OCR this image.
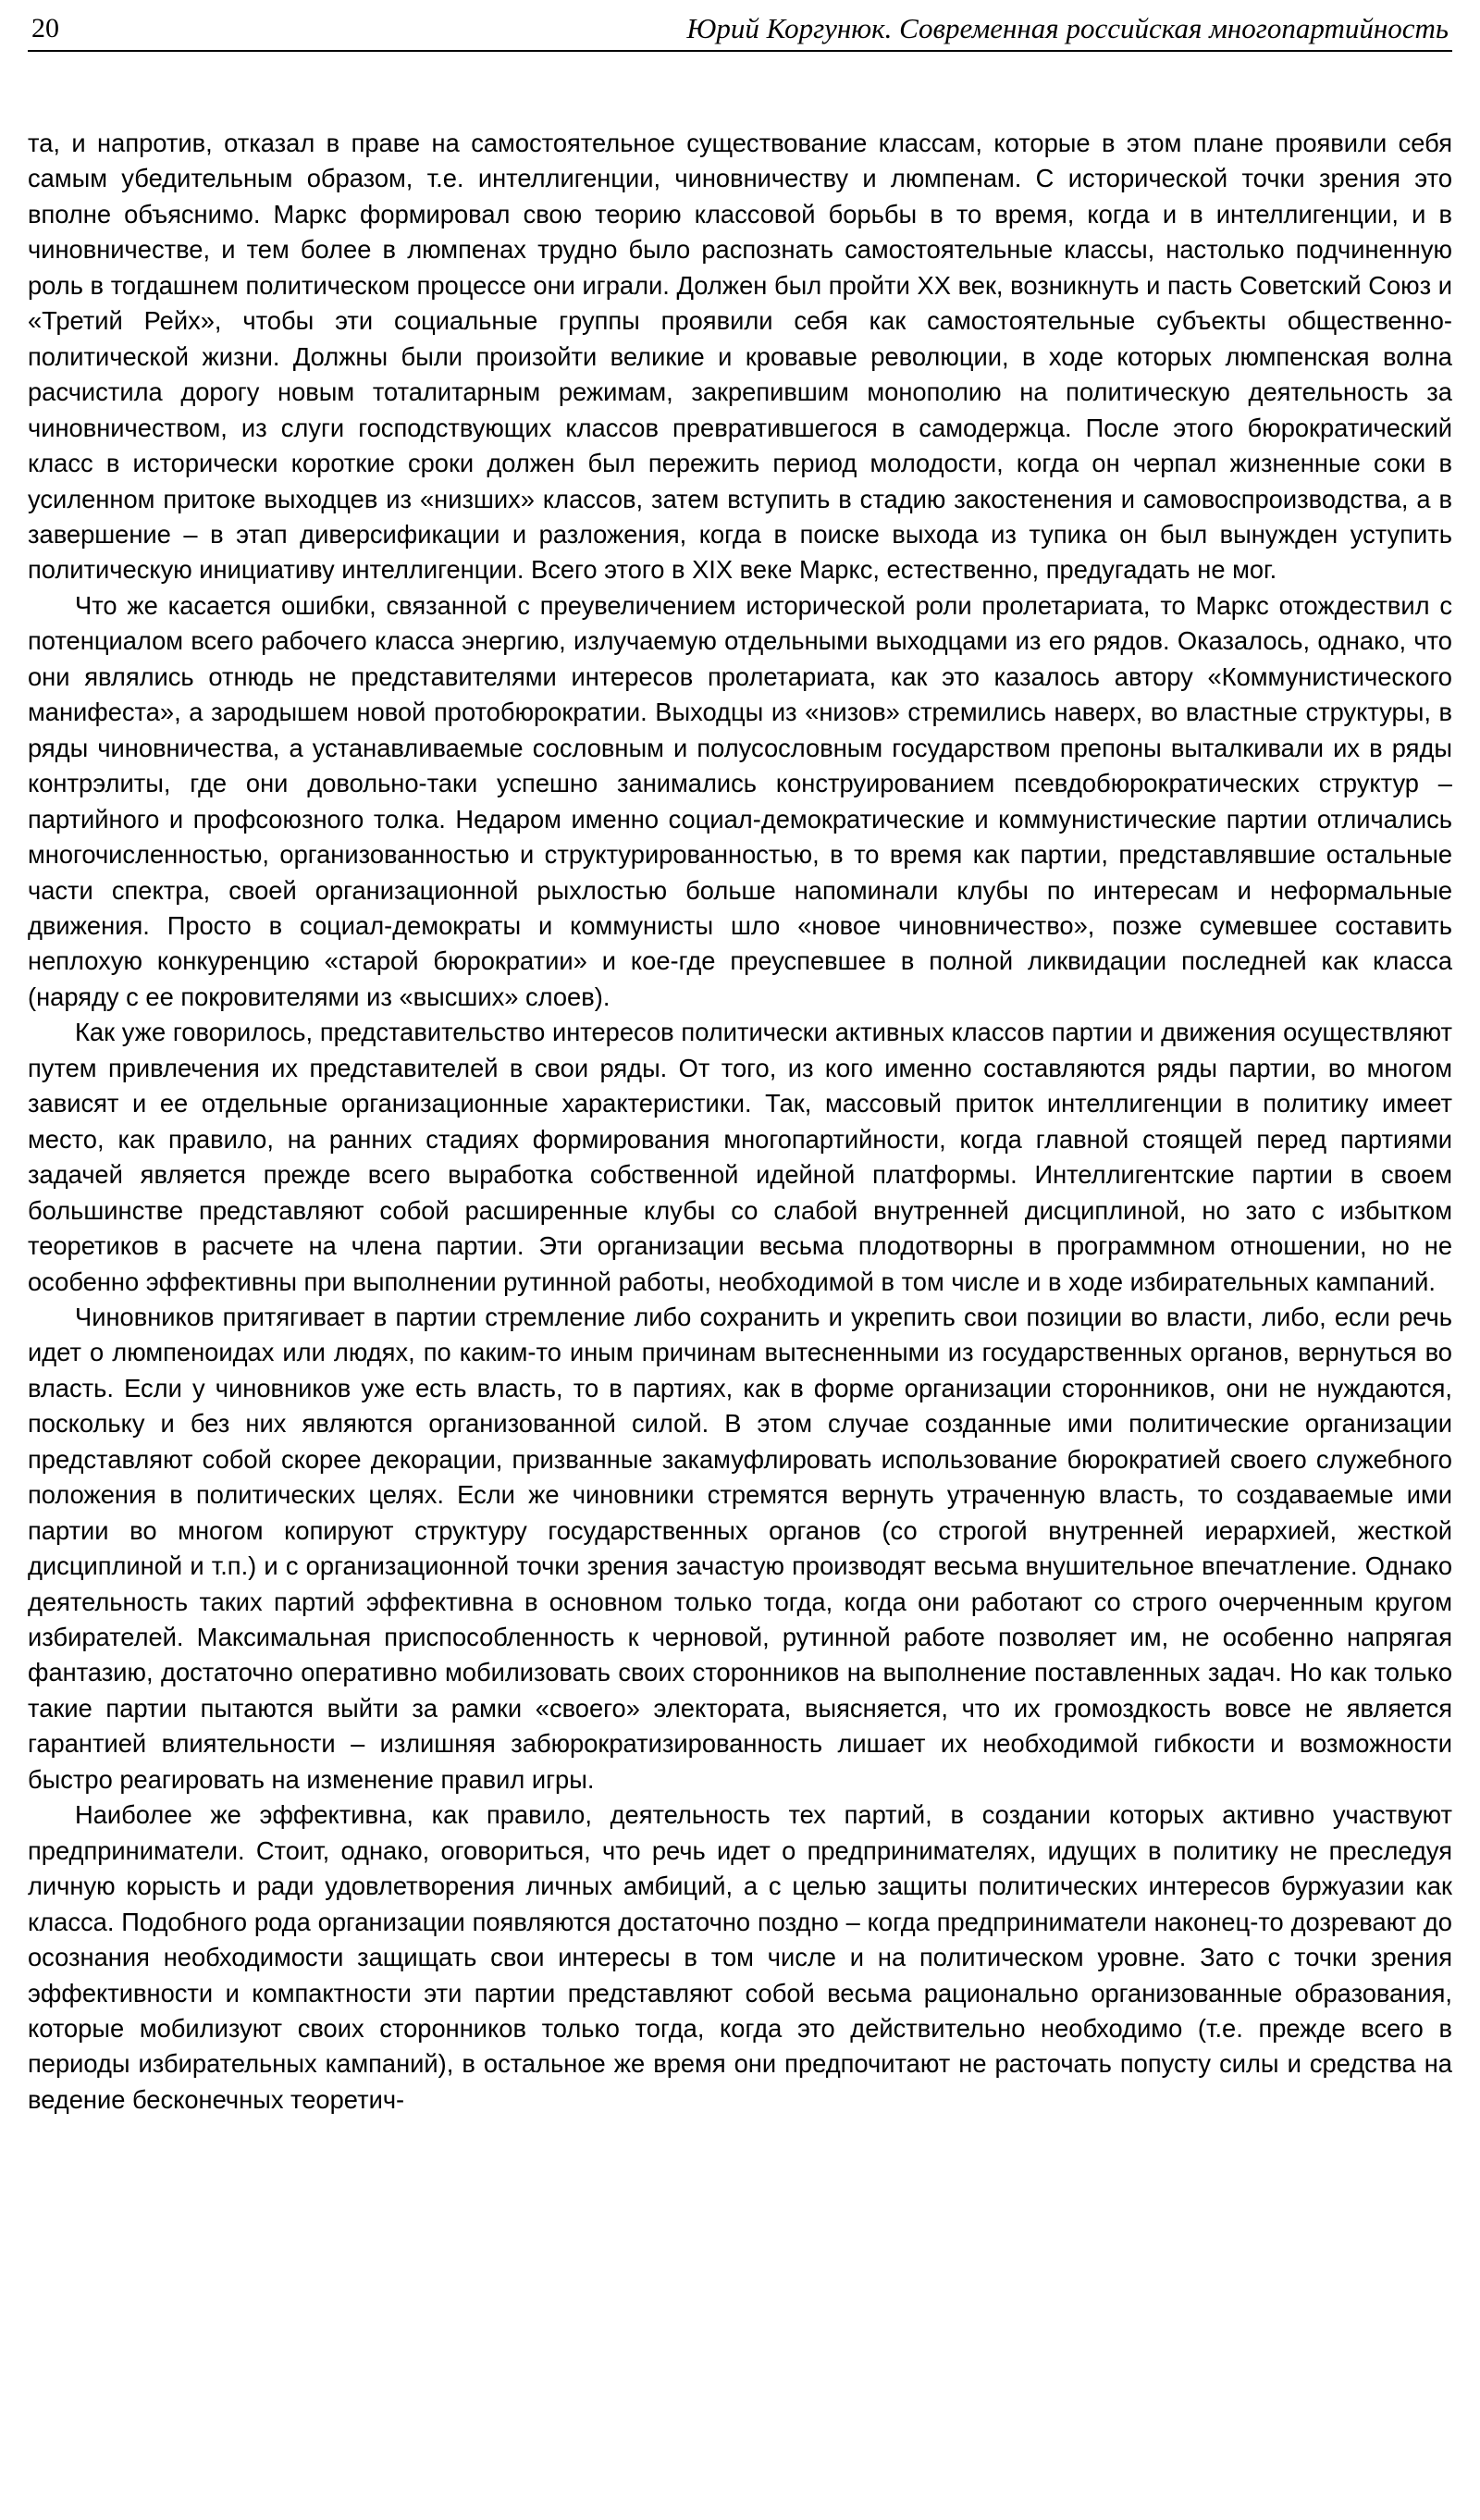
20	Юрий Коргунюк. Современная российская многопартийность

та, и напротив, отказал в праве на самостоятельное существование классам, которые в этом плане проявили себя самым убедительным образом, т.е. интеллигенции, чиновничеству и люмпенам. С исторической точки зрения это вполне объяснимо. Маркс формировал свою теорию классовой борьбы в то время, когда и в интеллигенции, и в чиновничестве, и тем более в люмпенах трудно было распознать самостоятельные классы, настолько подчиненную роль в тогдашнем политическом процессе они играли. Должен был пройти ХХ век, возникнуть и пасть Советский Союз и «Третий Рейх», чтобы эти социальные группы проявили себя как самостоятельные субъекты общественно-политической жизни. Должны были произойти великие и кровавые революции, в ходе которых люмпенская волна расчистила дорогу новым тоталитарным режимам, закрепившим монополию на политическую деятельность за чиновничеством, из слуги господствующих классов превратившегося в самодержца. После этого бюрократический класс в исторически короткие сроки должен был пережить период молодости, когда он черпал жизненные соки в усиленном притоке выходцев из «низших» классов, затем вступить в стадию закостенения и самовоспроизводства, а в завершение – в этап диверсификации и разложения, когда в поиске выхода из тупика он был вынужден уступить политическую инициативу интеллигенции. Всего этого в XIX веке Маркс, естественно, предугадать не мог.

Что же касается ошибки, связанной с преувеличением исторической роли пролетариата, то Маркс отождествил с потенциалом всего рабочего класса энергию, излучаемую отдельными выходцами из его рядов. Оказалось, однако, что они являлись отнюдь не представителями интересов пролетариата, как это казалось автору «Коммунистического манифеста», а зародышем новой протобюрократии. Выходцы из «низов» стремились наверх, во властные структуры, в ряды чиновничества, а устанавливаемые сословным и полусословным государством препоны выталкивали их в ряды контрэлиты, где они довольно-таки успешно занимались конструированием псевдобюрократических структур – партийного и профсоюзного толка. Недаром именно социал-демократические и коммунистические партии отличались многочисленностью, организованностью и структурированностью, в то время как партии, представлявшие остальные части спектра, своей организационной рыхлостью больше напоминали клубы по интересам и неформальные движения. Просто в социал-демократы и коммунисты шло «новое чиновничество», позже сумевшее составить неплохую конкуренцию «старой бюрократии» и кое-где преуспевшее в полной ликвидации последней как класса (наряду с ее покровителями из «высших» слоев).

Как уже говорилось, представительство интересов политически активных классов партии и движения осуществляют путем привлечения их представителей в свои ряды. От того, из кого именно составляются ряды партии, во многом зависят и ее отдельные организационные характеристики. Так, массовый приток интеллигенции в политику имеет место, как правило, на ранних стадиях формирования многопартийности, когда главной стоящей перед партиями задачей является прежде всего выработка собственной идейной платформы. Интеллигентские партии в своем большинстве представляют собой расширенные клубы со слабой внутренней дисциплиной, но зато с избытком теоретиков в расчете на члена партии. Эти организации весьма плодотворны в программном отношении, но не особенно эффективны при выполнении рутинной работы, необходимой в том числе и в ходе избирательных кампаний.

Чиновников притягивает в партии стремление либо сохранить и укрепить свои позиции во власти, либо, если речь идет о люмпеноидах или людях, по каким-то иным причинам вытесненными из государственных органов, вернуться во власть. Если у чиновников уже есть власть, то в партиях, как в форме организации сторонников, они не нуждаются, поскольку и без них являются организованной силой. В этом случае созданные ими политические организации представляют собой скорее декорации, призванные закамуфлировать использование бюрократией своего служебного положения в политических целях. Если же чиновники стремятся вернуть утраченную власть, то создаваемые ими партии во многом копируют структуру государственных органов (со строгой внутренней иерархией, жесткой дисциплиной и т.п.) и с организационной точки зрения зачастую производят весьма внушительное впечатление. Однако деятельность таких партий эффективна в основном только тогда, когда они работают со строго очерченным кругом избирателей. Максимальная приспособленность к черновой, рутинной работе позволяет им, не особенно напрягая фантазию, достаточно оперативно мобилизовать своих сторонников на выполнение поставленных задач. Но как только такие партии пытаются выйти за рамки «своего» электората, выясняется, что их громоздкость вовсе не является гарантией влиятельности – излишняя забюрократизированность лишает их необходимой гибкости и возможности быстро реагировать на изменение правил игры.

Наиболее же эффективна, как правило, деятельность тех партий, в создании которых активно участвуют предприниматели. Стоит, однако, оговориться, что речь идет о предпринимателях, идущих в политику не преследуя личную корысть и ради удовлетворения личных амбиций, а с целью защиты политических интересов буржуазии как класса. Подобного рода организации появляются достаточно поздно – когда предприниматели наконец-то дозревают до осознания необходимости защищать свои интересы в том числе и на политическом уровне. Зато с точки зрения эффективности и компактности эти партии представляют собой весьма рационально организованные образования, которые мобилизуют своих сторонников только тогда, когда это действительно необходимо (т.е. прежде всего в периоды избирательных кампаний), в остальное же время они предпочитают не расточать попусту силы и средства на ведение бесконечных теоретич-
